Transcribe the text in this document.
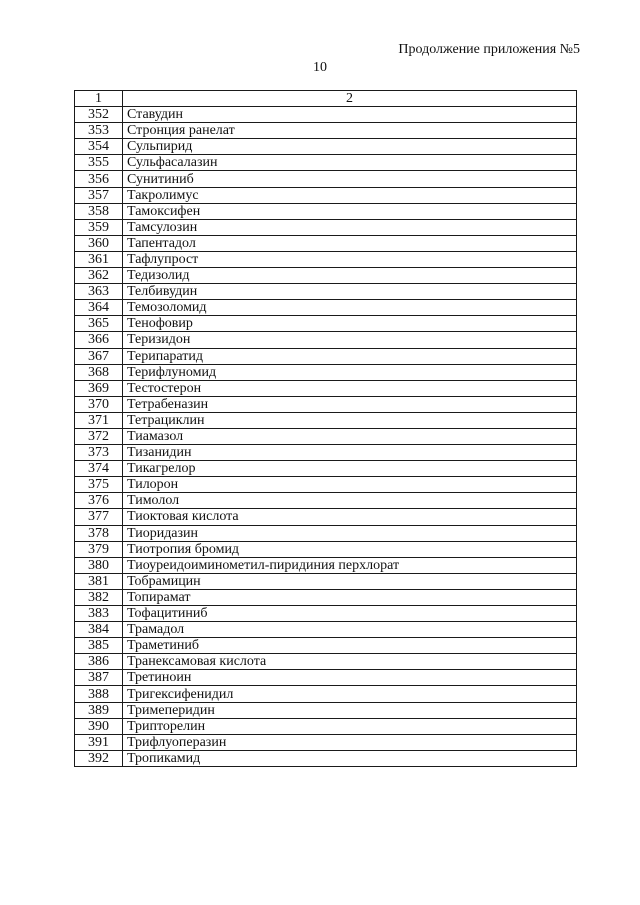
Продолжение приложения №5
10
1	2
352	Ставудин
353	Стронция ранелат
354	Сульпирид
355	Сульфасалазин
356	Сунитиниб
357	Такролимус
358	Тамоксифен
359	Тамсулозин
360	Тапентадол
361	Тафлупрост
362	Тедизолид
363	Телбивудин
364	Темозоломид
365	Тенофовир
366	Теризидон
367	Терипаратид
368	Терифлуномид
369	Тестостерон
370	Тетрабеназин
371	Тетрациклин
372	Тиамазол
373	Тизанидин
374	Тикагрелор
375	Тилорон
376	Тимолол
377	Тиоктовая кислота
378	Тиоридазин
379	Тиотропия бромид
380	Тиоуреидоиминометил-пиридиния перхлорат
381	Тобрамицин
382	Топирамат
383	Тофацитиниб
384	Трамадол
385	Траметиниб
386	Транексамовая кислота
387	Третиноин
388	Тригексифенидил
389	Тримеперидин
390	Трипторелин
391	Трифлуоперазин
392	Тропикамид
